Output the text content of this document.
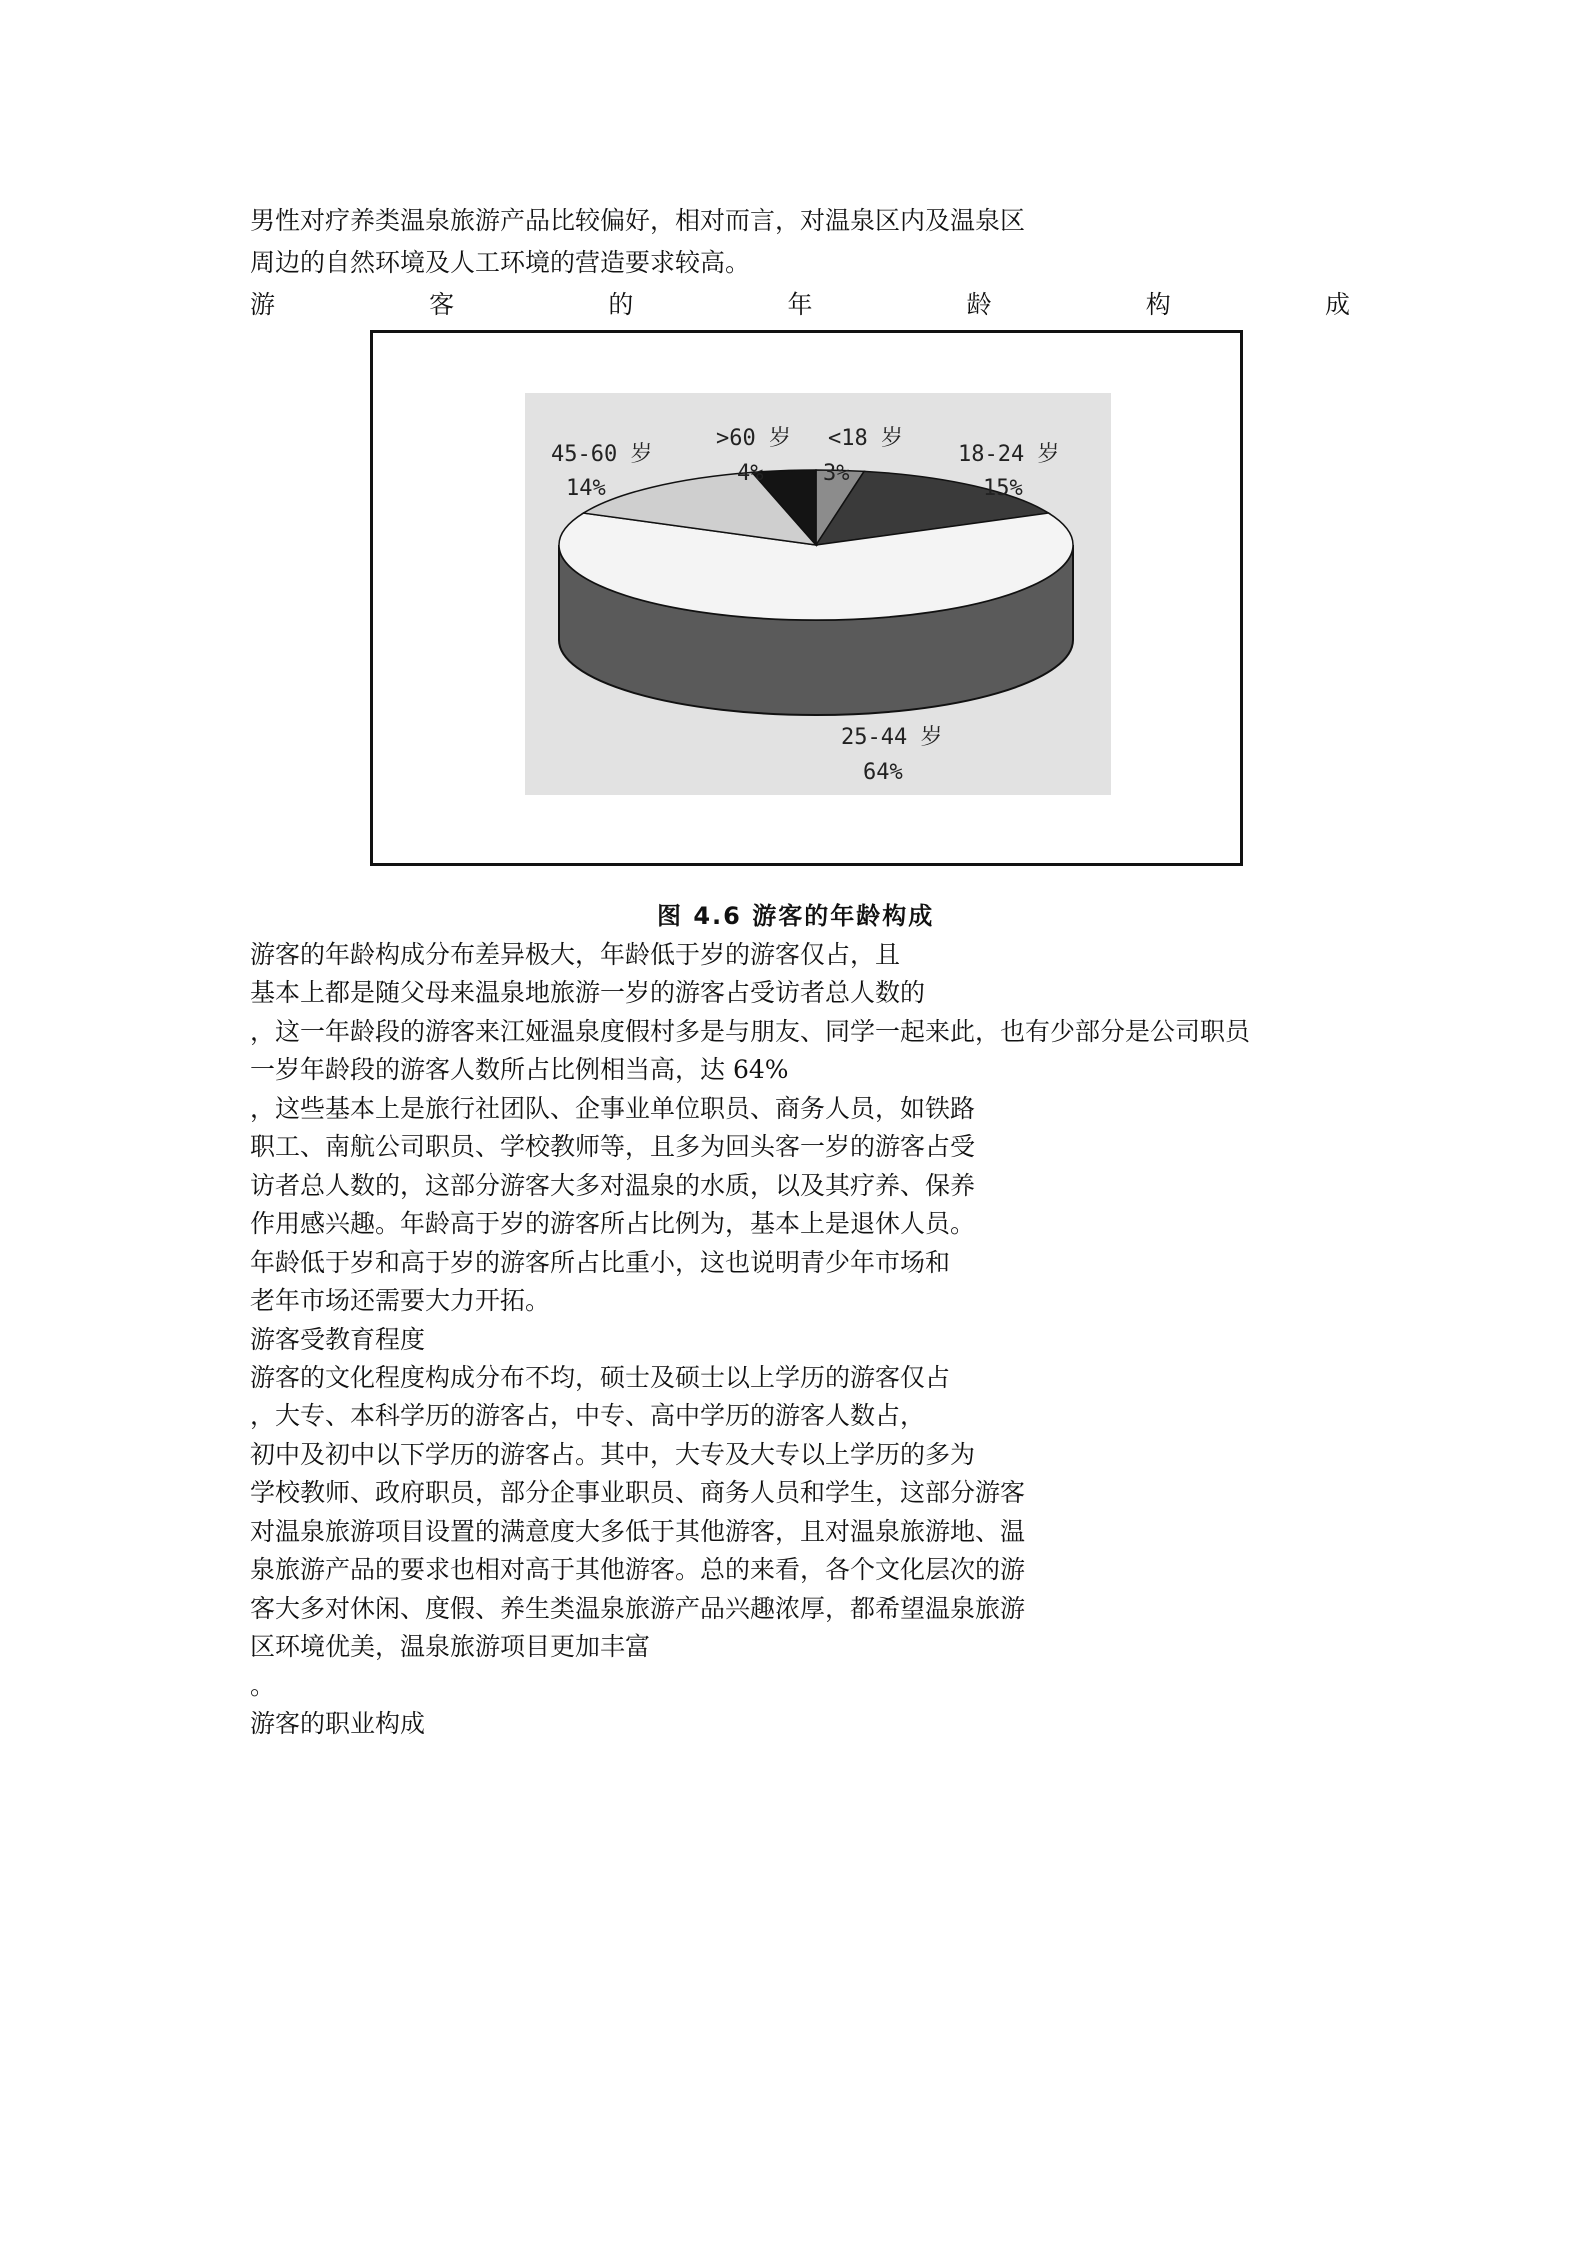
男性对疗养类温泉旅游产品比较偏好，相对而言，对温泉区内及温泉区
周边的自然环境及人工环境的营造要求较高。
游	客	的	年	龄	构	成
<18 岁
3%
18-24 岁
15%
25-44 岁
64%
45-60 岁
14%
>60 岁
4%
图 4.6 游客的年龄构成
游客的年龄构成分布差异极大，年龄低于岁的游客仅占，且
基本上都是随父母来温泉地旅游一岁的游客占受访者总人数的
，这一年龄段的游客来江娅温泉度假村多是与朋友、同学一起来此，也有少部分是公司职员
一岁年龄段的游客人数所占比例相当高，达 64%
，这些基本上是旅行社团队、企事业单位职员、商务人员，如铁路
职工、南航公司职员、学校教师等，且多为回头客一岁的游客占受
访者总人数的，这部分游客大多对温泉的水质，以及其疗养、保养
作用感兴趣。年龄高于岁的游客所占比例为，基本上是退休人员。
年龄低于岁和高于岁的游客所占比重小，这也说明青少年市场和
老年市场还需要大力开拓。
游客受教育程度
游客的文化程度构成分布不均，硕士及硕士以上学历的游客仅占
，大专、本科学历的游客占，中专、高中学历的游客人数占，
初中及初中以下学历的游客占。其中，大专及大专以上学历的多为
学校教师、政府职员，部分企事业职员、商务人员和学生，这部分游客
对温泉旅游项目设置的满意度大多低于其他游客，且对温泉旅游地、温
泉旅游产品的要求也相对高于其他游客。总的来看，各个文化层次的游
客大多对休闲、度假、养生类温泉旅游产品兴趣浓厚，都希望温泉旅游
区环境优美，温泉旅游项目更加丰富
。
游客的职业构成
